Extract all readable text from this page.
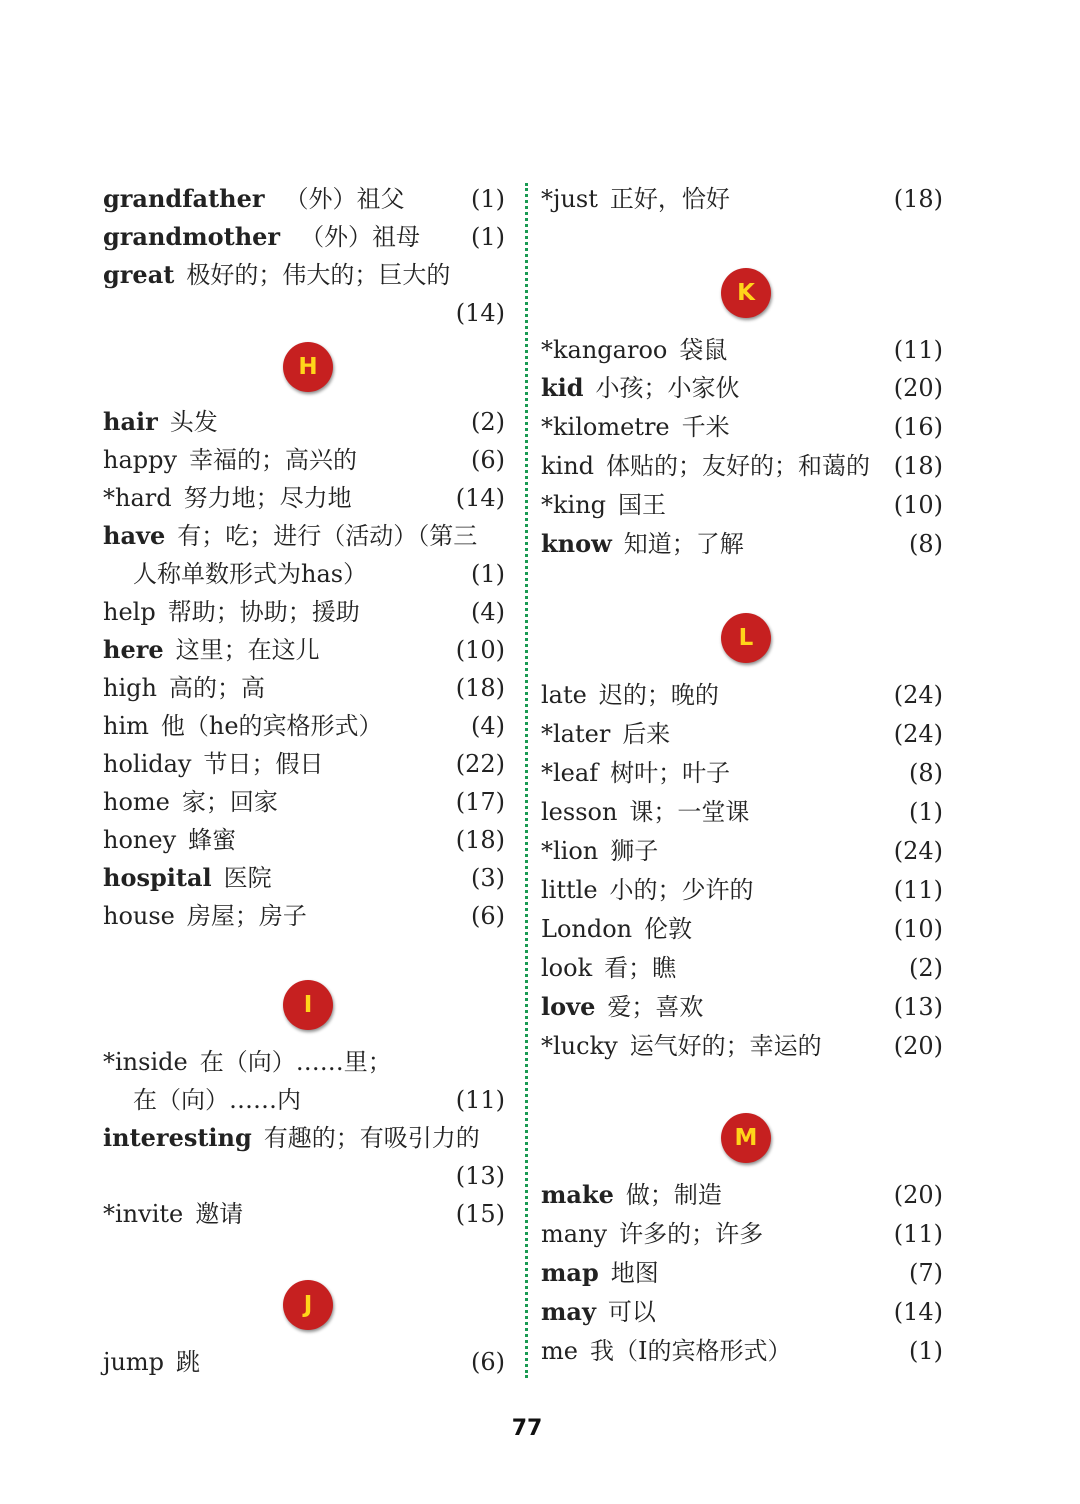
grandfather （外）祖父	(1)
grandmother （外）祖母 (1)
great 极好的；伟大的；巨大的
(14)
H
hair 头发	(2)
happy 幸福的；高兴的	(6)
*hard 努力地；尽力地	(14)
have 有；吃；进行（活动）（第三
人称单数形式为has）	(1)
help 帮助；协助；援助	(4)
here 这里；在这儿	(10)
high 高的；高	(18)
him 他（he的宾格形式）	(4)
holiday 节日；假日	(22)
home 家；回家	(17)
honey 蜂蜜	(18)
hospital 医院	(3)
house 房屋；房子	(6)
I
*inside 在（向）……里；
在（向）……内	(11)
interesting 有趣的；有吸引力的
(13)
*invite 邀请	(15)
J
jump 跳	(6)
*just 正好，恰好	(18)
K
*kangaroo 袋鼠	(11)
kid 小孩；小家伙	(20)
*kilometre 千米	(16)
kind 体贴的；友好的；和蔼的 (18)
*king 国王	(10)
know 知道；了解	(8)
L
late 迟的；晚的	(24)
*later 后来	(24)
*leaf 树叶；叶子	(8)
lesson 课；一堂课	(1)
*lion 狮子	(24)
little 小的；少许的	(11)
London 伦敦	(10)
look 看；瞧	(2)
love 爱；喜欢	(13)
*lucky 运气好的；幸运的	(20)
M
make 做；制造	(20)
many 许多的；许多	(11)
map 地图	(7)
may 可以	(14)
me 我（I的宾格形式）	(1)
77
